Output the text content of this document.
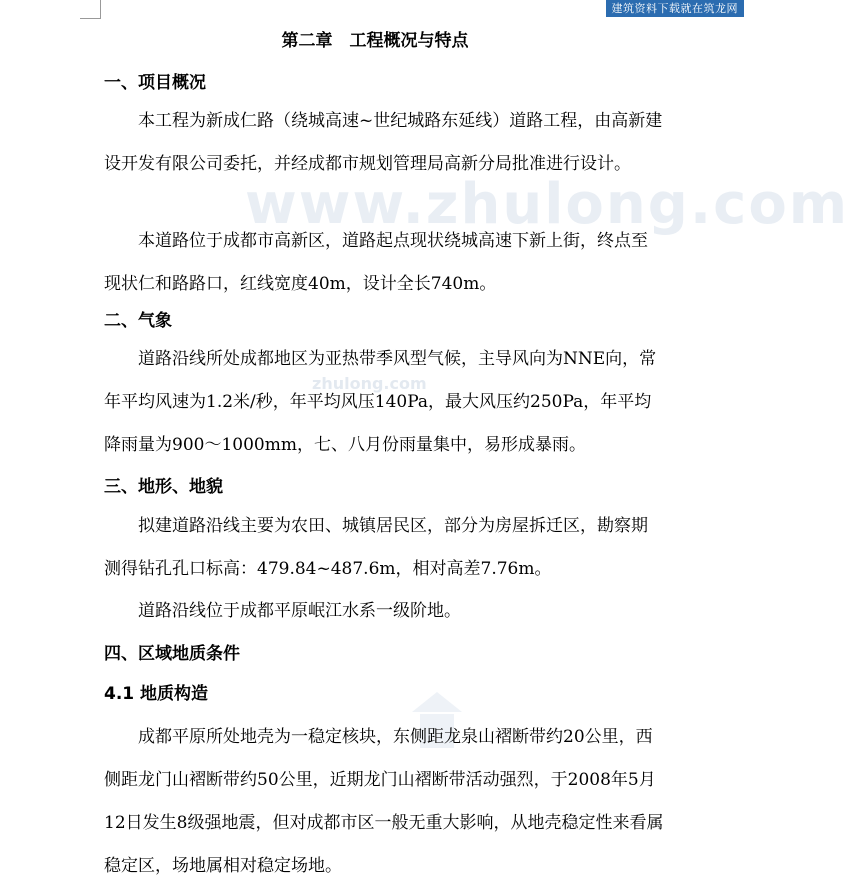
建筑资料下载就在筑龙网
www.zhulong.com
zhulong.com
第二章　工程概况与特点
一、项目概况

本工程为新成仁路（绕城高速~世纪城路东延线）道路工程，由高新建设开发有限公司委托，并经成都市规划管理局高新分局批准进行设计。

本道路位于成都市高新区，道路起点现状绕城高速下新上街，终点至现状仁和路路口，红线宽度40m，设计全长740m。

二、气象

道路沿线所处成都地区为亚热带季风型气候，主导风向为NNE向，常年平均风速为1.2米/秒，年平均风压140Pa，最大风压约250Pa，年平均降雨量为900～1000mm，七、八月份雨量集中，易形成暴雨。

三、地形、地貌

拟建道路沿线主要为农田、城镇居民区，部分为房屋拆迁区，勘察期测得钻孔孔口标高：479.84~487.6m，相对高差7.76m。

道路沿线位于成都平原岷江水系一级阶地。

四、区域地质条件
4.1 地质构造

成都平原所处地壳为一稳定核块，东侧距龙泉山褶断带约20公里，西侧距龙门山褶断带约50公里，近期龙门山褶断带活动强烈，于2008年5月12日发生8级强地震，但对成都市区一般无重大影响，从地壳稳定性来看属稳定区，场地属相对稳定场地。
